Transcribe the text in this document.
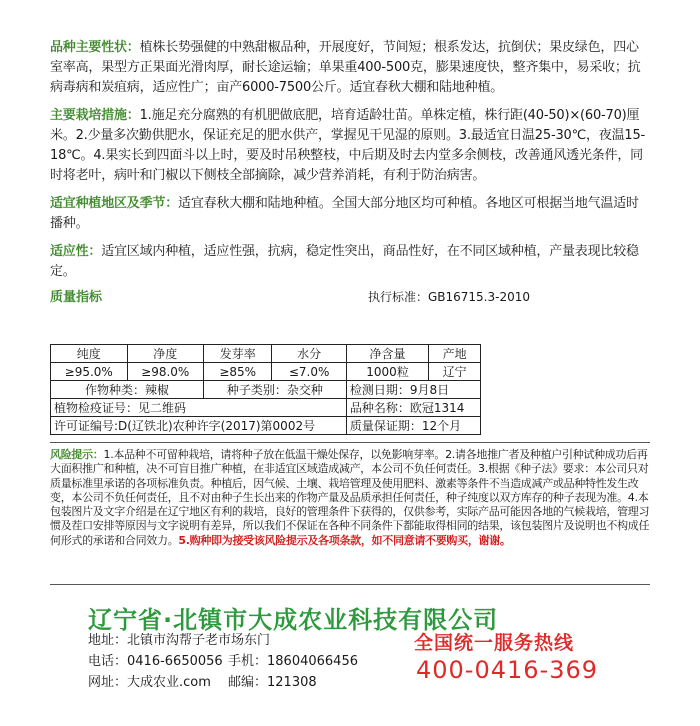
品种主要性状：植株长势强健的中熟甜椒品种，开展度好，节间短；根系发达，抗倒伏；果皮绿色，四心室率高，果型方正果面光滑肉厚，耐长途运输；单果重400-500克，膨果速度快，整齐集中，易采收；抗病毒病和炭疽病，适应性广；亩产6000-7500公斤。适宜春秋大棚和陆地种植。

主要栽培措施：1.施足充分腐熟的有机肥做底肥，培育适龄壮苗。单株定植，株行距(40-50)×(60-70)厘米。2.少量多次勤供肥水，保证充足的肥水供产，掌握见干见湿的原则。3.最适宜日温25-30℃，夜温15-18℃。4.果实长到四面斗以上时，要及时吊秧整枝，中后期及时去内堂多余侧枝，改善通风透光条件，同时将老叶，病叶和门椒以下侧枝全部摘除，减少营养消耗，有利于防治病害。

适宜种植地区及季节：适宜春秋大棚和陆地种植。全国大部分地区均可种植。各地区可根据当地气温适时播种。

适应性：适宜区域内种植，适应性强，抗病，稳定性突出，商品性好，在不同区域种植，产量表现比较稳定。

质量指标	执行标准：GB16715.3-2010
纯度	净度	发芽率	水分	净含量	产地
≥95.0%	≥98.0%	≥85%	≤7.0%	1000粒	辽宁
作物种类：辣椒		种子类别：杂交种		检测日期：9月8日	
植物检疫证号：见二维码				品种名称：欧冠1314	
许可证编号:D(辽铁北)农种许字(2017)第0002号				质量保证期：12个月	

风险提示：1.本品种不可留种栽培，请将种子放在低温干燥处保存，以免影响芽率。2.请各地推广者及种植户引种试种成功后再大面积推广和种植，决不可盲目推广种植，在非适宜区域造成减产，本公司不负任何责任。3.根据《种子法》要求：本公司只对质量标准里承诺的各项标准负责。种植后，因气候、土壤、栽培管理及使用肥料、激素等条件不当造成减产或品种特性发生改变，本公司不负任何责任，且不对由种子生长出来的作物产量及品质承担任何责任，种子纯度以双方库存的种子表现为准。4.本包装图片及文字介绍是在辽宁地区有利的栽培，良好的管理条件下获得的，仅供参考，实际产品可能因各地的气候栽培，管理习惯及茬口安排等原因与文字说明有差异，所以我们不保证在各种不同条件下都能取得相同的结果，该包装图片及说明也不构成任何形式的承诺和合同效力。5.购种即为接受该风险提示及各项条款，如不同意请不要购买，谢谢。

辽宁省·北镇市大成农业科技有限公司
地址：北镇市沟帮子老市场东门
电话：0416-6650056 手机：18604066456
网址：大成农业.com 邮编：121308
全国统一服务热线
400-0416-369
